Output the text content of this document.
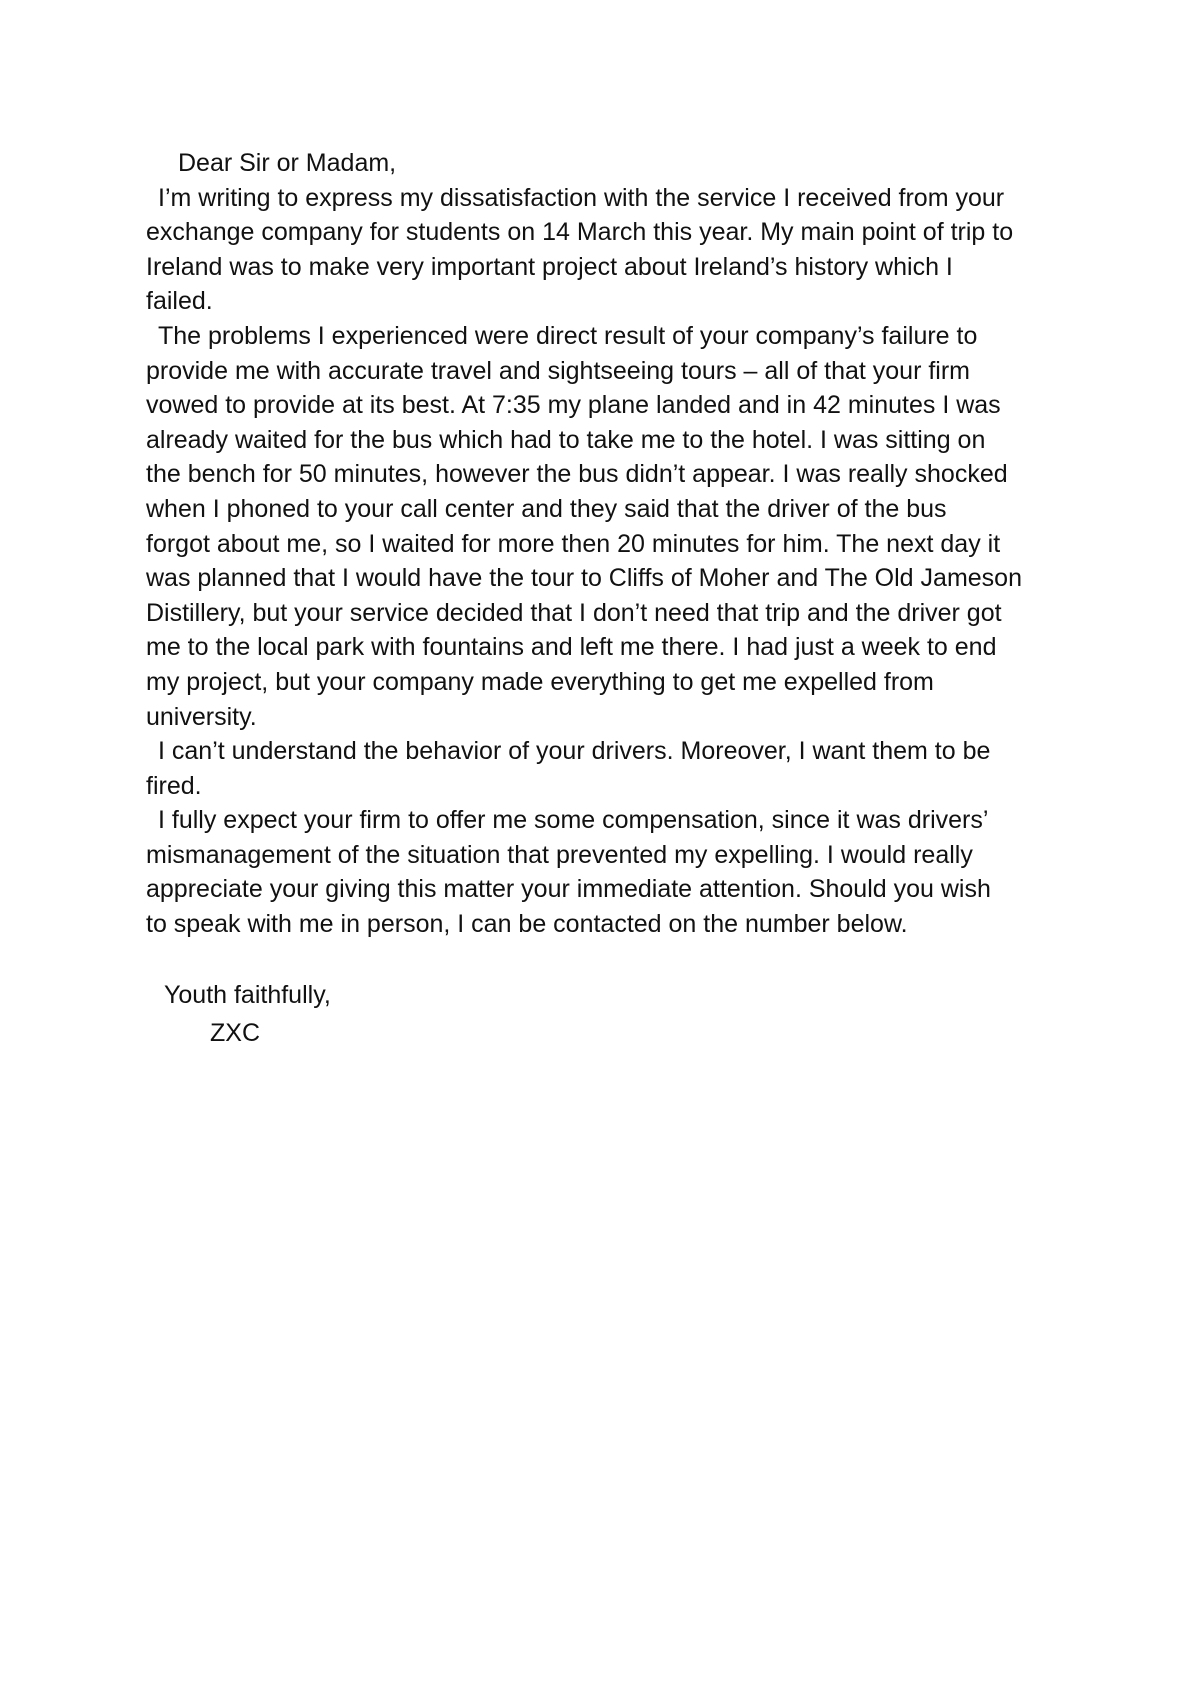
Dear Sir or Madam,
I’m writing to express my dissatisfaction with the service I received from your
exchange company for students on 14 March this year. My main point of trip to
Ireland was to make very important project about Ireland’s history which I
failed.
The problems I experienced were direct result of your company’s failure to
provide me with accurate travel and sightseeing tours – all of that your firm
vowed to provide at its best. At 7:35 my plane landed and in 42 minutes I was
already waited for the bus which had to take me to the hotel. I was sitting on
the bench for 50 minutes, however the bus didn’t appear. I was really shocked
when I phoned to your call center and they said that the driver of the bus
forgot about me, so I waited for more then 20 minutes for him. The next day it
was planned that I would have the tour to Cliffs of Moher and The Old Jameson
Distillery, but your service decided that I don’t need that trip and the driver got
me to the local park with fountains and left me there. I had just a week to end
my project, but your company made everything to get me expelled from
university.
I can’t understand the behavior of your drivers. Moreover, I want them to be
fired.
I fully expect your firm to offer me some compensation, since it was drivers’
mismanagement of the situation that prevented my expelling. I would really
appreciate your giving this matter your immediate attention. Should you wish
to speak with me in person, I can be contacted on the number below.
Youth faithfully,
ZXC
